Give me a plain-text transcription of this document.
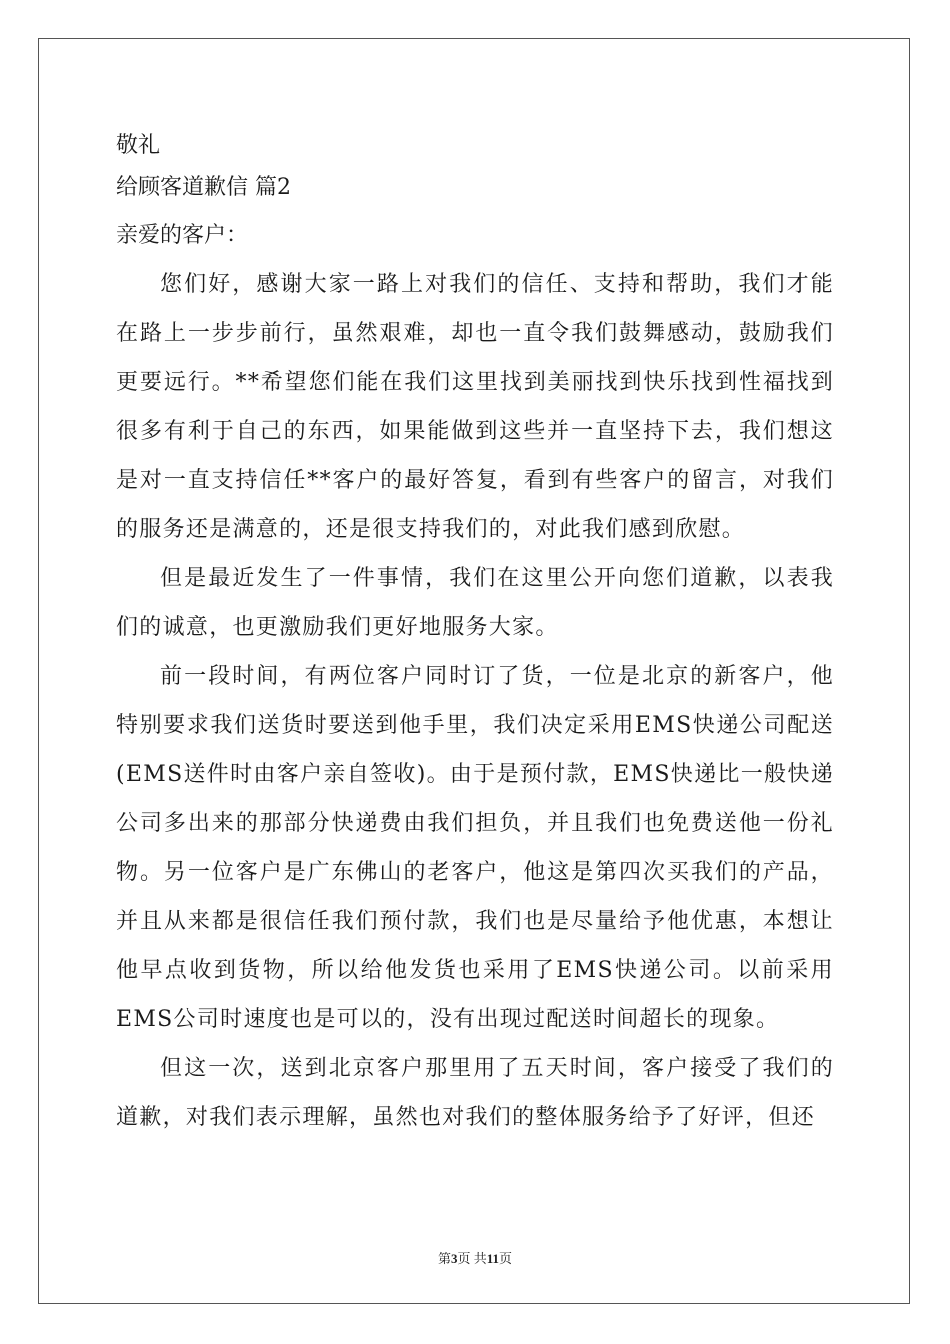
敬礼

给顾客道歉信 篇2

亲爱的客户：

您们好，感谢大家一路上对我们的信任、支持和帮助，我们才能在路上一步步前行，虽然艰难，却也一直令我们鼓舞感动，鼓励我们更要远行。**希望您们能在我们这里找到美丽找到快乐找到性福找到很多有利于自己的东西，如果能做到这些并一直坚持下去，我们想这是对一直支持信任**客户的最好答复，看到有些客户的留言，对我们的服务还是满意的，还是很支持我们的，对此我们感到欣慰。

但是最近发生了一件事情，我们在这里公开向您们道歉，以表我们的诚意，也更激励我们更好地服务大家。

前一段时间，有两位客户同时订了货，一位是北京的新客户，他特别要求我们送货时要送到他手里，我们决定采用EMS快递公司配送(EMS送件时由客户亲自签收)。由于是预付款，EMS快递比一般快递公司多出来的那部分快递费由我们担负，并且我们也免费送他一份礼物。另一位客户是广东佛山的老客户，他这是第四次买我们的产品，并且从来都是很信任我们预付款，我们也是尽量给予他优惠，本想让他早点收到货物，所以给他发货也采用了EMS快递公司。以前采用EMS公司时速度也是可以的，没有出现过配送时间超长的现象。

但这一次，送到北京客户那里用了五天时间，客户接受了我们的道歉，对我们表示理解，虽然也对我们的整体服务给予了好评，但还

第3页 共11页
